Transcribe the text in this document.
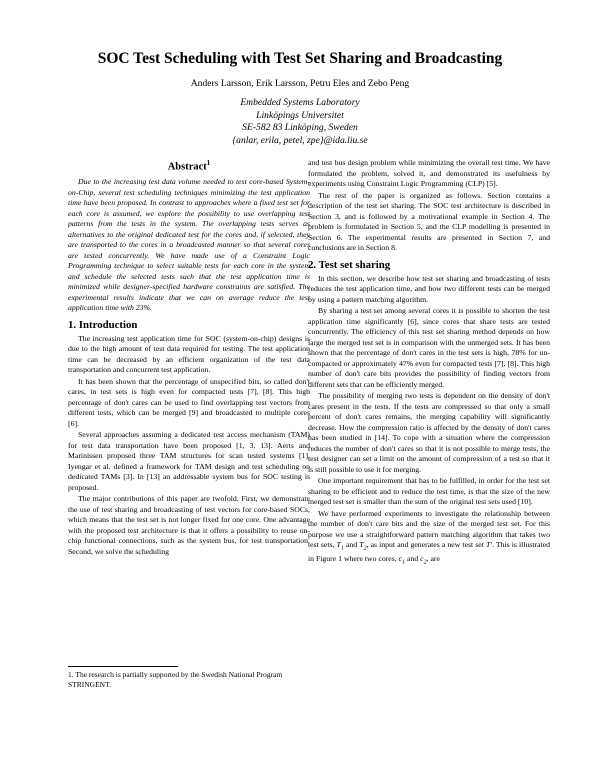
SOC Test Scheduling with Test Set Sharing and Broadcasting
Anders Larsson, Erik Larsson, Petru Eles and Zebo Peng
Embedded Systems Laboratory
Linköpings Universitet
SE-582 83 Linköping, Sweden
{anlar, erila, petel, zpe}@ida.liu.se
Abstract$^1$

Due to the increasing test data volume needed to test core-based System-on-Chip, several test scheduling techniques minimizing the test application time have been proposed. In contrast to approaches where a fixed test set for each core is assumed, we explore the possibility to use overlapping test patterns from the tests in the system. The overlapping tests serves as alternatives to the original dedicated test for the cores and, if selected, they are transported to the cores in a broadcasted manner so that several cores are tested concurrently. We have made use of a Constraint Logic Programming technique to select suitable tests for each core in the system and schedule the selected tests such that the test application time is minimized while designer-specified hardware constraints are satisfied. The experimental results indicate that we can on average reduce the test application time with 23%.

1. Introduction

The increasing test application time for SOC (system-on-chip) designs is due to the high amount of test data required for testing. The test application time can be decreased by an efficient organization of the test data transportation and concurrent test application.

It has been shown that the percentage of unspecified bits, so called don't cares, in test sets is high even for compacted tests [7], [8]. This high percentage of don't cares can be used to find overlapping test vectors from different tests, which can be merged [9] and broadcasted to multiple cores [6].

Several approaches assuming a dedicated test access mechanism (TAM) for test data transportation have been proposed [1, 3, 13]. Aerts and Marinissen proposed three TAM structures for scan tested systems [1]. Iyengar et al. defined a framework for TAM design and test scheduling on dedicated TAMs [3]. In [13] an addressable system bus for SOC testing is proposed.

The major contributions of this paper are twofold. First, we demonstrate the use of test sharing and broadcasting of test vectors for core-based SOCs, which means that the test set is not longer fixed for one core. One advantage with the proposed test architecture is that it offers a possibility to reuse on-chip functional connections, such as the system bus, for test transportation. Second, we solve the scheduling

1. The research is partially supported by the Swedish National Program STRINGENT.

and test bus design problem while minimizing the overall test time. We have formulated the problem, solved it, and demonstrated its usefulness by experiments using Constraint Logic Programming (CLP) [5].

The rest of the paper is organized as follows. Section contains a description of the test set sharing. The SOC test architecture is described in Section 3, and is followed by a motivational example in Section 4. The problem is formulated in Section 5, and the CLP modelling is presented in Section 6. The experimental results are presented in Section 7, and conclusions are in Section 8.

2. Test set sharing

In this section, we describe how test set sharing and broadcasting of tests reduces the test application time, and how two different tests can be merged by using a pattern matching algorithm.

By sharing a test set among several cores it is possible to shorten the test application time significantly [6], since cores that share tests are tested concurrently. The efficiency of this test set sharing method depends on how large the merged test set is in comparison with the unmerged sets. It has been shown that the percentage of don't cares in the test sets is high, 78% for un-compacted or approximately 47% even for compacted tests [7], [8]. This high number of don't care bits provides the possibility of finding vectors from different sets that can be efficiently merged.

The possibility of merging two tests is dependent on the density of don't cares present in the tests. If the tests are compressed so that only a small percent of don't cares remains, the merging capability will significantly decrease. How the compression ratio is affected by the density of don't cares has been studied in [14]. To cope with a situation where the compression reduces the number of don't cares so that it is not possible to merge tests, the test designer can set a limit on the amount of compression of a test so that it is still possible to use it for merging.

One important requirement that has to be fulfilled, in order for the test set sharing to be efficient and to reduce the test time, is that the size of the new merged test set is smaller than the sum of the original test sets used [10].

We have performed experiments to investigate the relationship between the number of don't care bits and the size of the merged test set. For this purpose we use a straightforward pattern matching algorithm that takes two test sets, $T_1$ and $T_2$, as input and generates a new test set T'. This is illustrated in Figure 1 where two cores, $c_1$ and $c_2$, are
